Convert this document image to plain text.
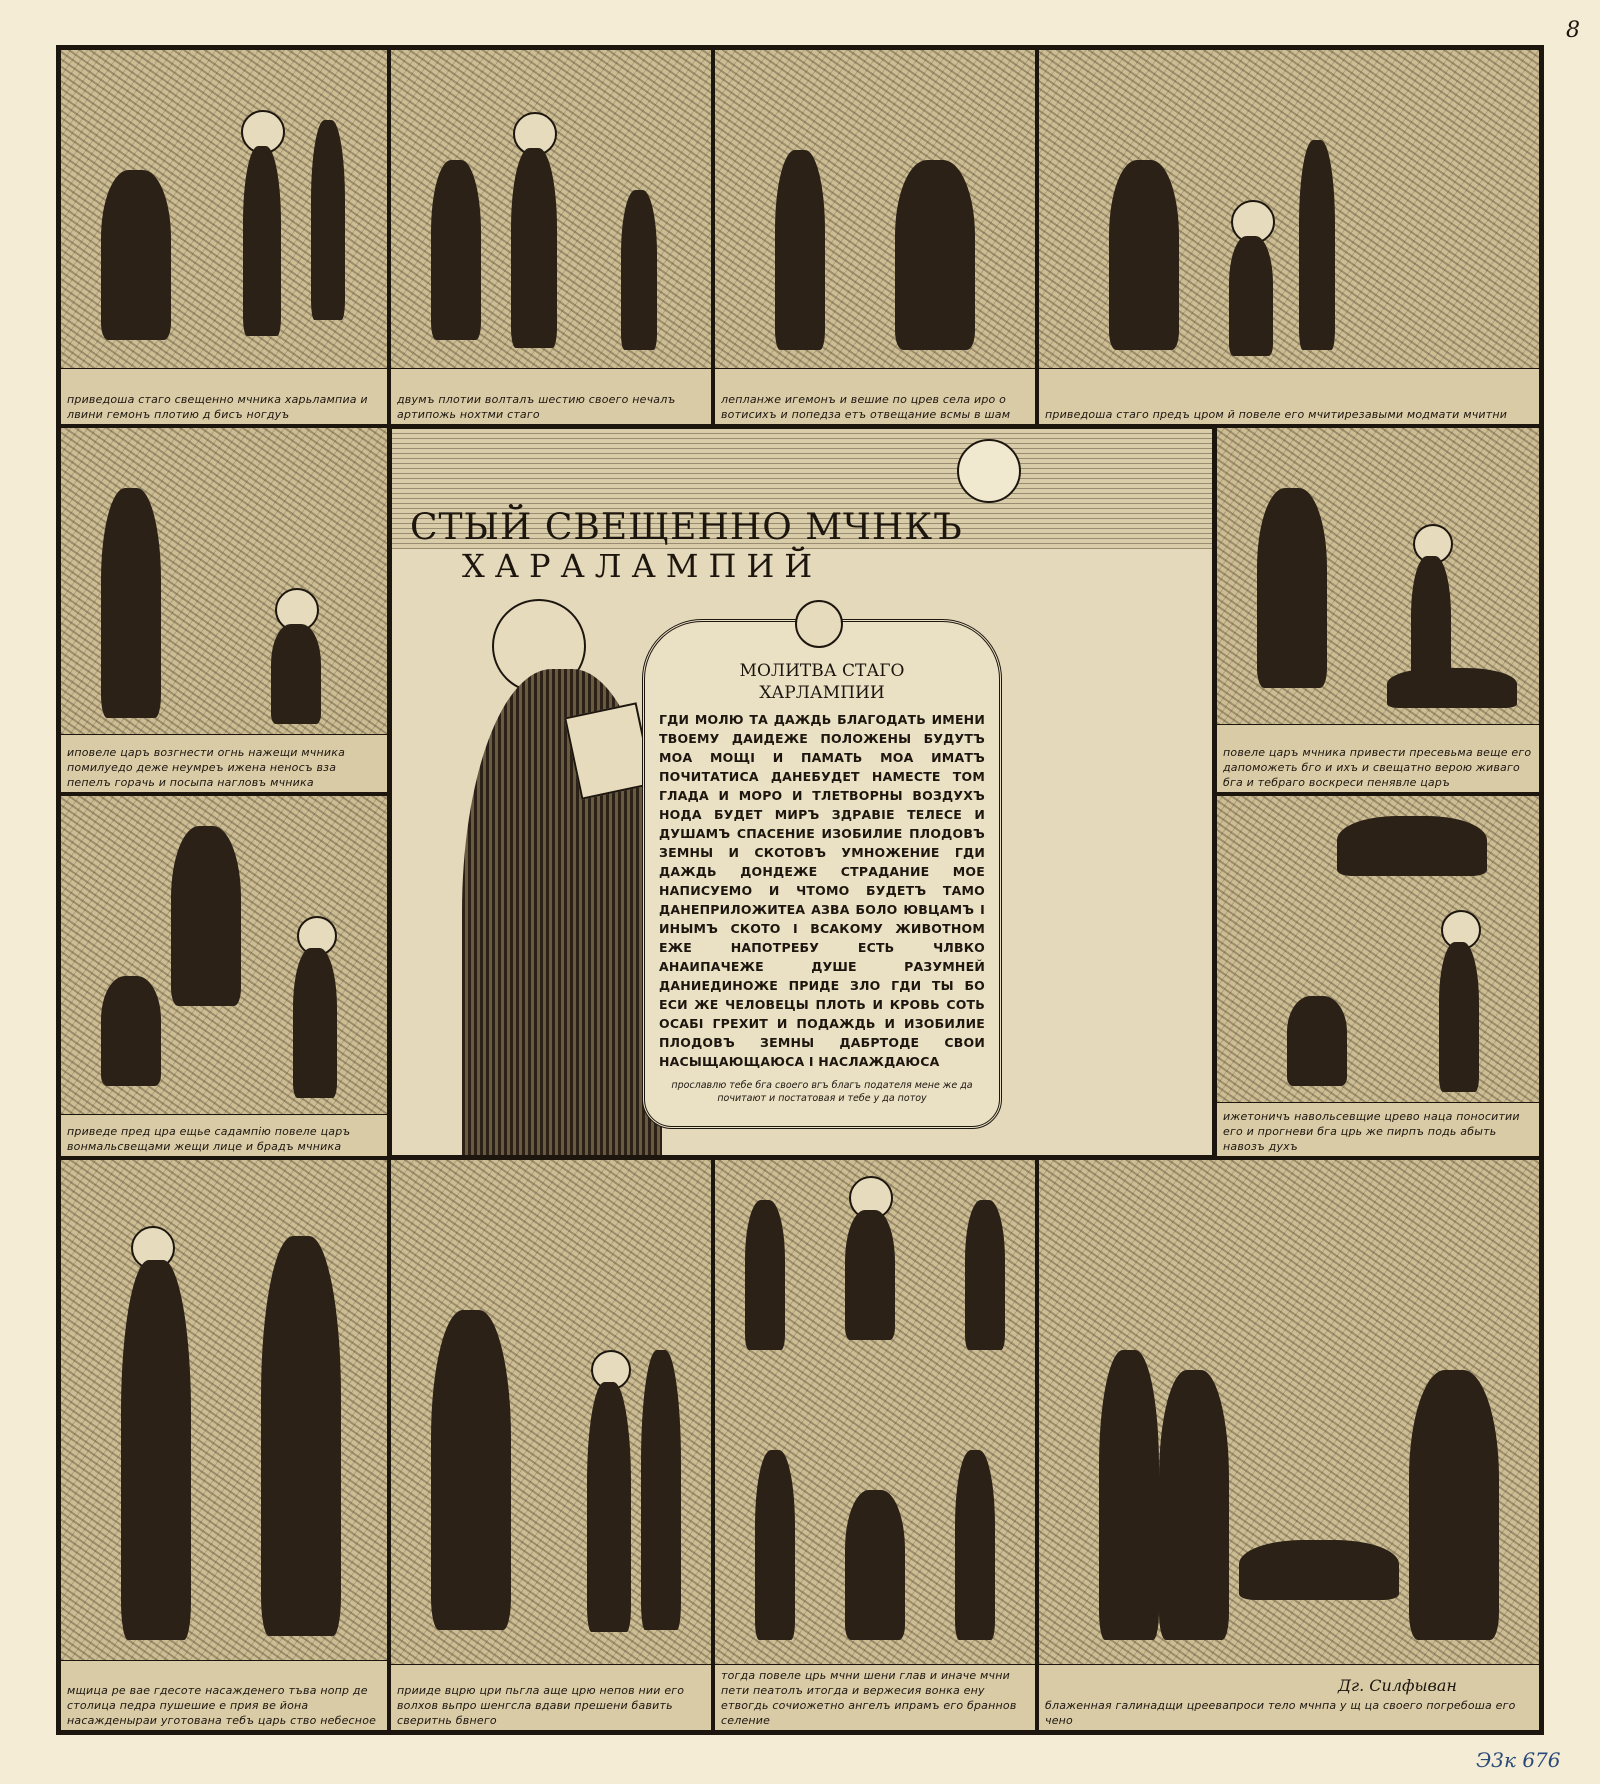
8
приведоша стаго свещенно мчника харьлампиа и лвини гемонъ плотию д бисъ ногдуъ
двумъ плотии волталъ шестию своего нечалъ артипожь нохтми стаго
лепланже игемонъ и вешие по црев села иро о вотисихъ и попедза етъ отвещание всмы в шам	приведоша стаго предъ цром й повеле его мчитирезавыми модмати мчитни
иповеле царъ возгнести огнь нажещи мчника помилуедо деже неумреъ ижена неносъ вза пепелъ горачь и посыпа нагловъ мчника
приведе пред цра ещье садампію повеле царъ вонмальсвещами жещи лице и брадъ мчника
повеле царъ мчника привести пресевьма веще его дапоможеть бго и ихъ и свещатно верою живаго бга и тебраго воскреси пенявле царъ
ижетоничъ навольсевщие црево наца поноситии его и прогневи бга црь же пирпъ подь абыть навозъ духъ
мщица ре вае гдесоте насажденего тъва нопр де столица педра пушешие е прия ве йона насажденыраи уготована тебъ царь ство небесное
прииде вцрю цри пьгла аще црю непов нии его волхов вьпро шенгсла вдави прешени бавить сверитнь бвнего
тогда повеле црь мчни шени глав и иначе мчни пети пеатолъ итогда и вержесия вонка ену етвогдь сочиожетно ангелъ ипрамъ его браннов селение
блаженная галинадщи цреевапроси тело мчнпа у щ ца своего погребоша его чено
СТЫЙ СВЕЩЕННО МЧНКЪ
ХАРАЛАМПИЙ
МОЛИТВА СТАГО
ХАРЛАМПИИ
ГДИ МОЛЮ ТА ДАЖДЬ БЛАГОДАТЬ ИМЕНИ ТВОЕМУ ДАИДЕЖЕ ПОЛОЖЕНЫ БУДУТЪ МОА МОЩІ И ПАМАТЬ МОА ИМАТЪ ПОЧИТАТИСА ДАНЕБУДЕТ НАМЕСТЕ ТОМ ГЛАДА И МОРО И ТЛЕТВОРНЫ ВОЗДУХЪ НОДА БУДЕТ МИРЪ ЗДРАВІЕ ТЕЛЕСЕ И ДУШАМЪ СПАСЕНИЕ ИЗОБИЛИЕ ПЛОДОВЪ ЗЕМНЫ И СКОТОВЪ УМНОЖЕНИЕ ГДИ ДАЖДЬ ДОНДЕЖЕ СТРАДАНИЕ МОЕ НАПИСУЕМО И ЧТОМО БУДЕТЪ ТАМО ДАНЕПРИЛОЖИТЕА АЗВА БОЛО ЮВЦАМЪ І ИНЫМЪ СКОТО І ВСАКОМУ ЖИВОТНОМ ЕЖЕ НАПОТРЕБУ ЕСТЬ ЧЛВКО АНАИПАЧЕЖЕ ДУШЕ РАЗУМНЕЙ ДАНИЕДИНОЖЕ ПРИДЕ ЗЛО ГДИ ТЫ БО ЕСИ ЖЕ ЧЕЛОВЕЦЫ ПЛОТЬ И КРОВЬ СОТЬ ОСАБІ ГРЕХИТ И ПОДАЖДЬ И ИЗОБИЛИЕ ПЛОДОВЪ ЗЕМНЫ ДАБРТОДЕ СВОИ НАСЫЩАЮЩАЮСА І НАСЛАЖДАЮСА
прославлю тебе бга своего вгъ благъ подателя мене же да почитают и постатовая и тебе у да потоу
Дг. Силфыван
Э3к 676
